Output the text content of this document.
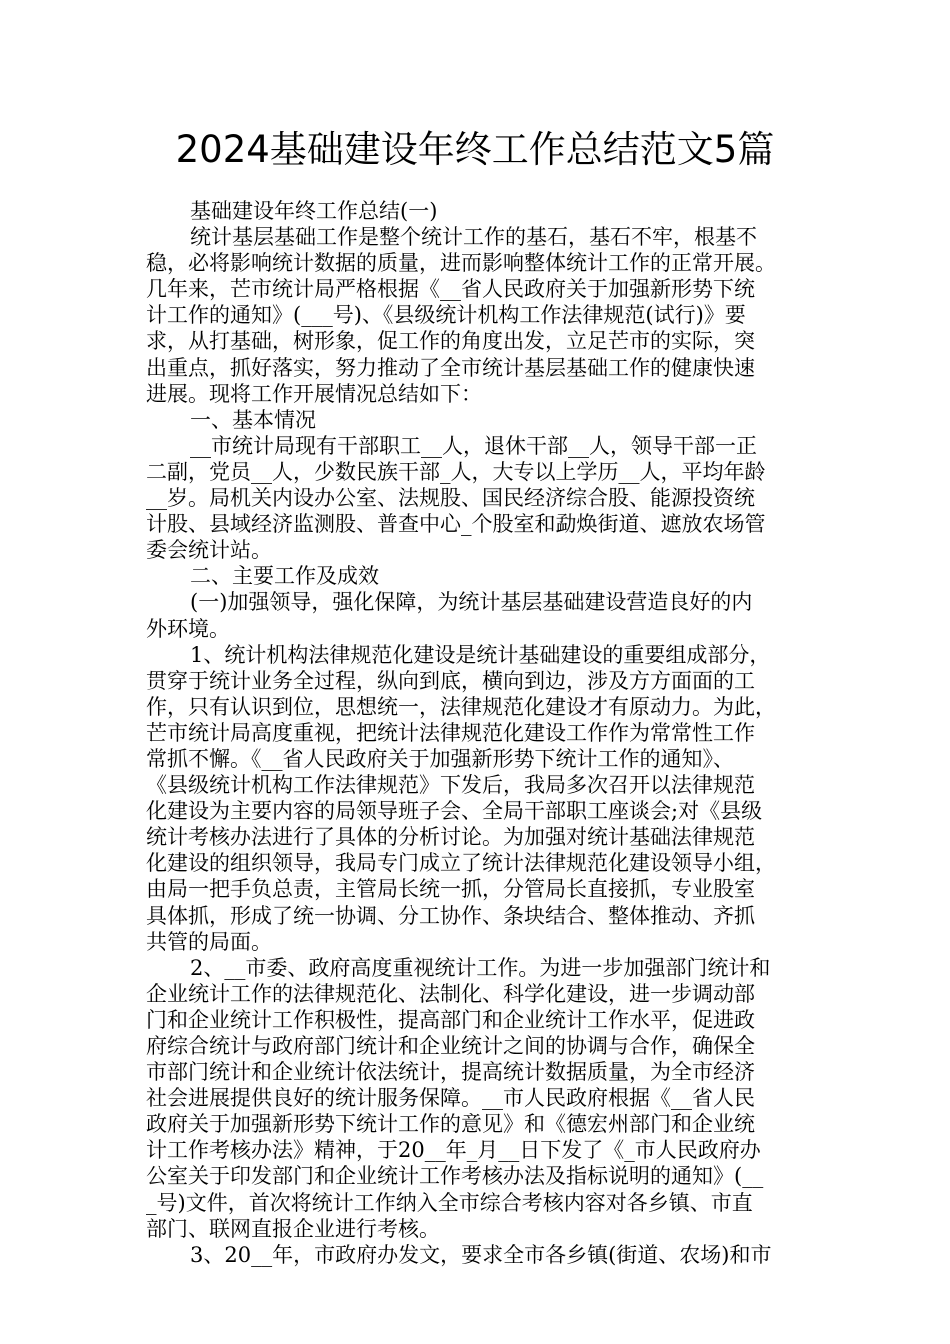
2024基础建设年终工作总结范文5篇
基础建设年终工作总结(一)
统计基层基础工作是整个统计工作的基石，基石不牢，根基不
稳，必将影响统计数据的质量，进而影响整体统计工作的正常开展。
几年来，芒市统计局严格根据《__省人民政府关于加强新形势下统
计工作的通知》(___号)、《县级统计机构工作法律规范(试行)》要
求，从打基础，树形象，促工作的角度出发，立足芒市的实际，突
出重点，抓好落实，努力推动了全市统计基层基础工作的健康快速
进展。现将工作开展情况总结如下：
一、基本情况
__市统计局现有干部职工__人，退休干部__人，领导干部一正
二副，党员__人，少数民族干部_人，大专以上学历__人，平均年龄
__岁。局机关内设办公室、法规股、国民经济综合股、能源投资统
计股、县域经济监测股、普查中心_个股室和勐焕街道、遮放农场管
委会统计站。
二、主要工作及成效
(一)加强领导，强化保障，为统计基层基础建设营造良好的内
外环境。
1、统计机构法律规范化建设是统计基础建设的重要组成部分，
贯穿于统计业务全过程，纵向到底，横向到边，涉及方方面面的工
作，只有认识到位，思想统一，法律规范化建设才有原动力。为此，
芒市统计局高度重视，把统计法律规范化建设工作作为常常性工作
常抓不懈。《__省人民政府关于加强新形势下统计工作的通知》、
《县级统计机构工作法律规范》下发后，我局多次召开以法律规范
化建设为主要内容的局领导班子会、全局干部职工座谈会;对《县级
统计考核办法进行了具体的分析讨论。为加强对统计基础法律规范
化建设的组织领导，我局专门成立了统计法律规范化建设领导小组，
由局一把手负总责，主管局长统一抓，分管局长直接抓，专业股室
具体抓，形成了统一协调、分工协作、条块结合、整体推动、齐抓
共管的局面。
2、__市委、政府高度重视统计工作。为进一步加强部门统计和
企业统计工作的法律规范化、法制化、科学化建设，进一步调动部
门和企业统计工作积极性，提高部门和企业统计工作水平，促进政
府综合统计与政府部门统计和企业统计之间的协调与合作，确保全
市部门统计和企业统计依法统计，提高统计数据质量，为全市经济
社会进展提供良好的统计服务保障。__市人民政府根据《__省人民
政府关于加强新形势下统计工作的意见》和《德宏州部门和企业统
计工作考核办法》精神，于20__年_月__日下发了《_市人民政府办
公室关于印发部门和企业统计工作考核办法及指标说明的通知》(__
_号)文件，首次将统计工作纳入全市综合考核内容对各乡镇、市直
部门、联网直报企业进行考核。
3、20__年，市政府办发文，要求全市各乡镇(街道、农场)和市
